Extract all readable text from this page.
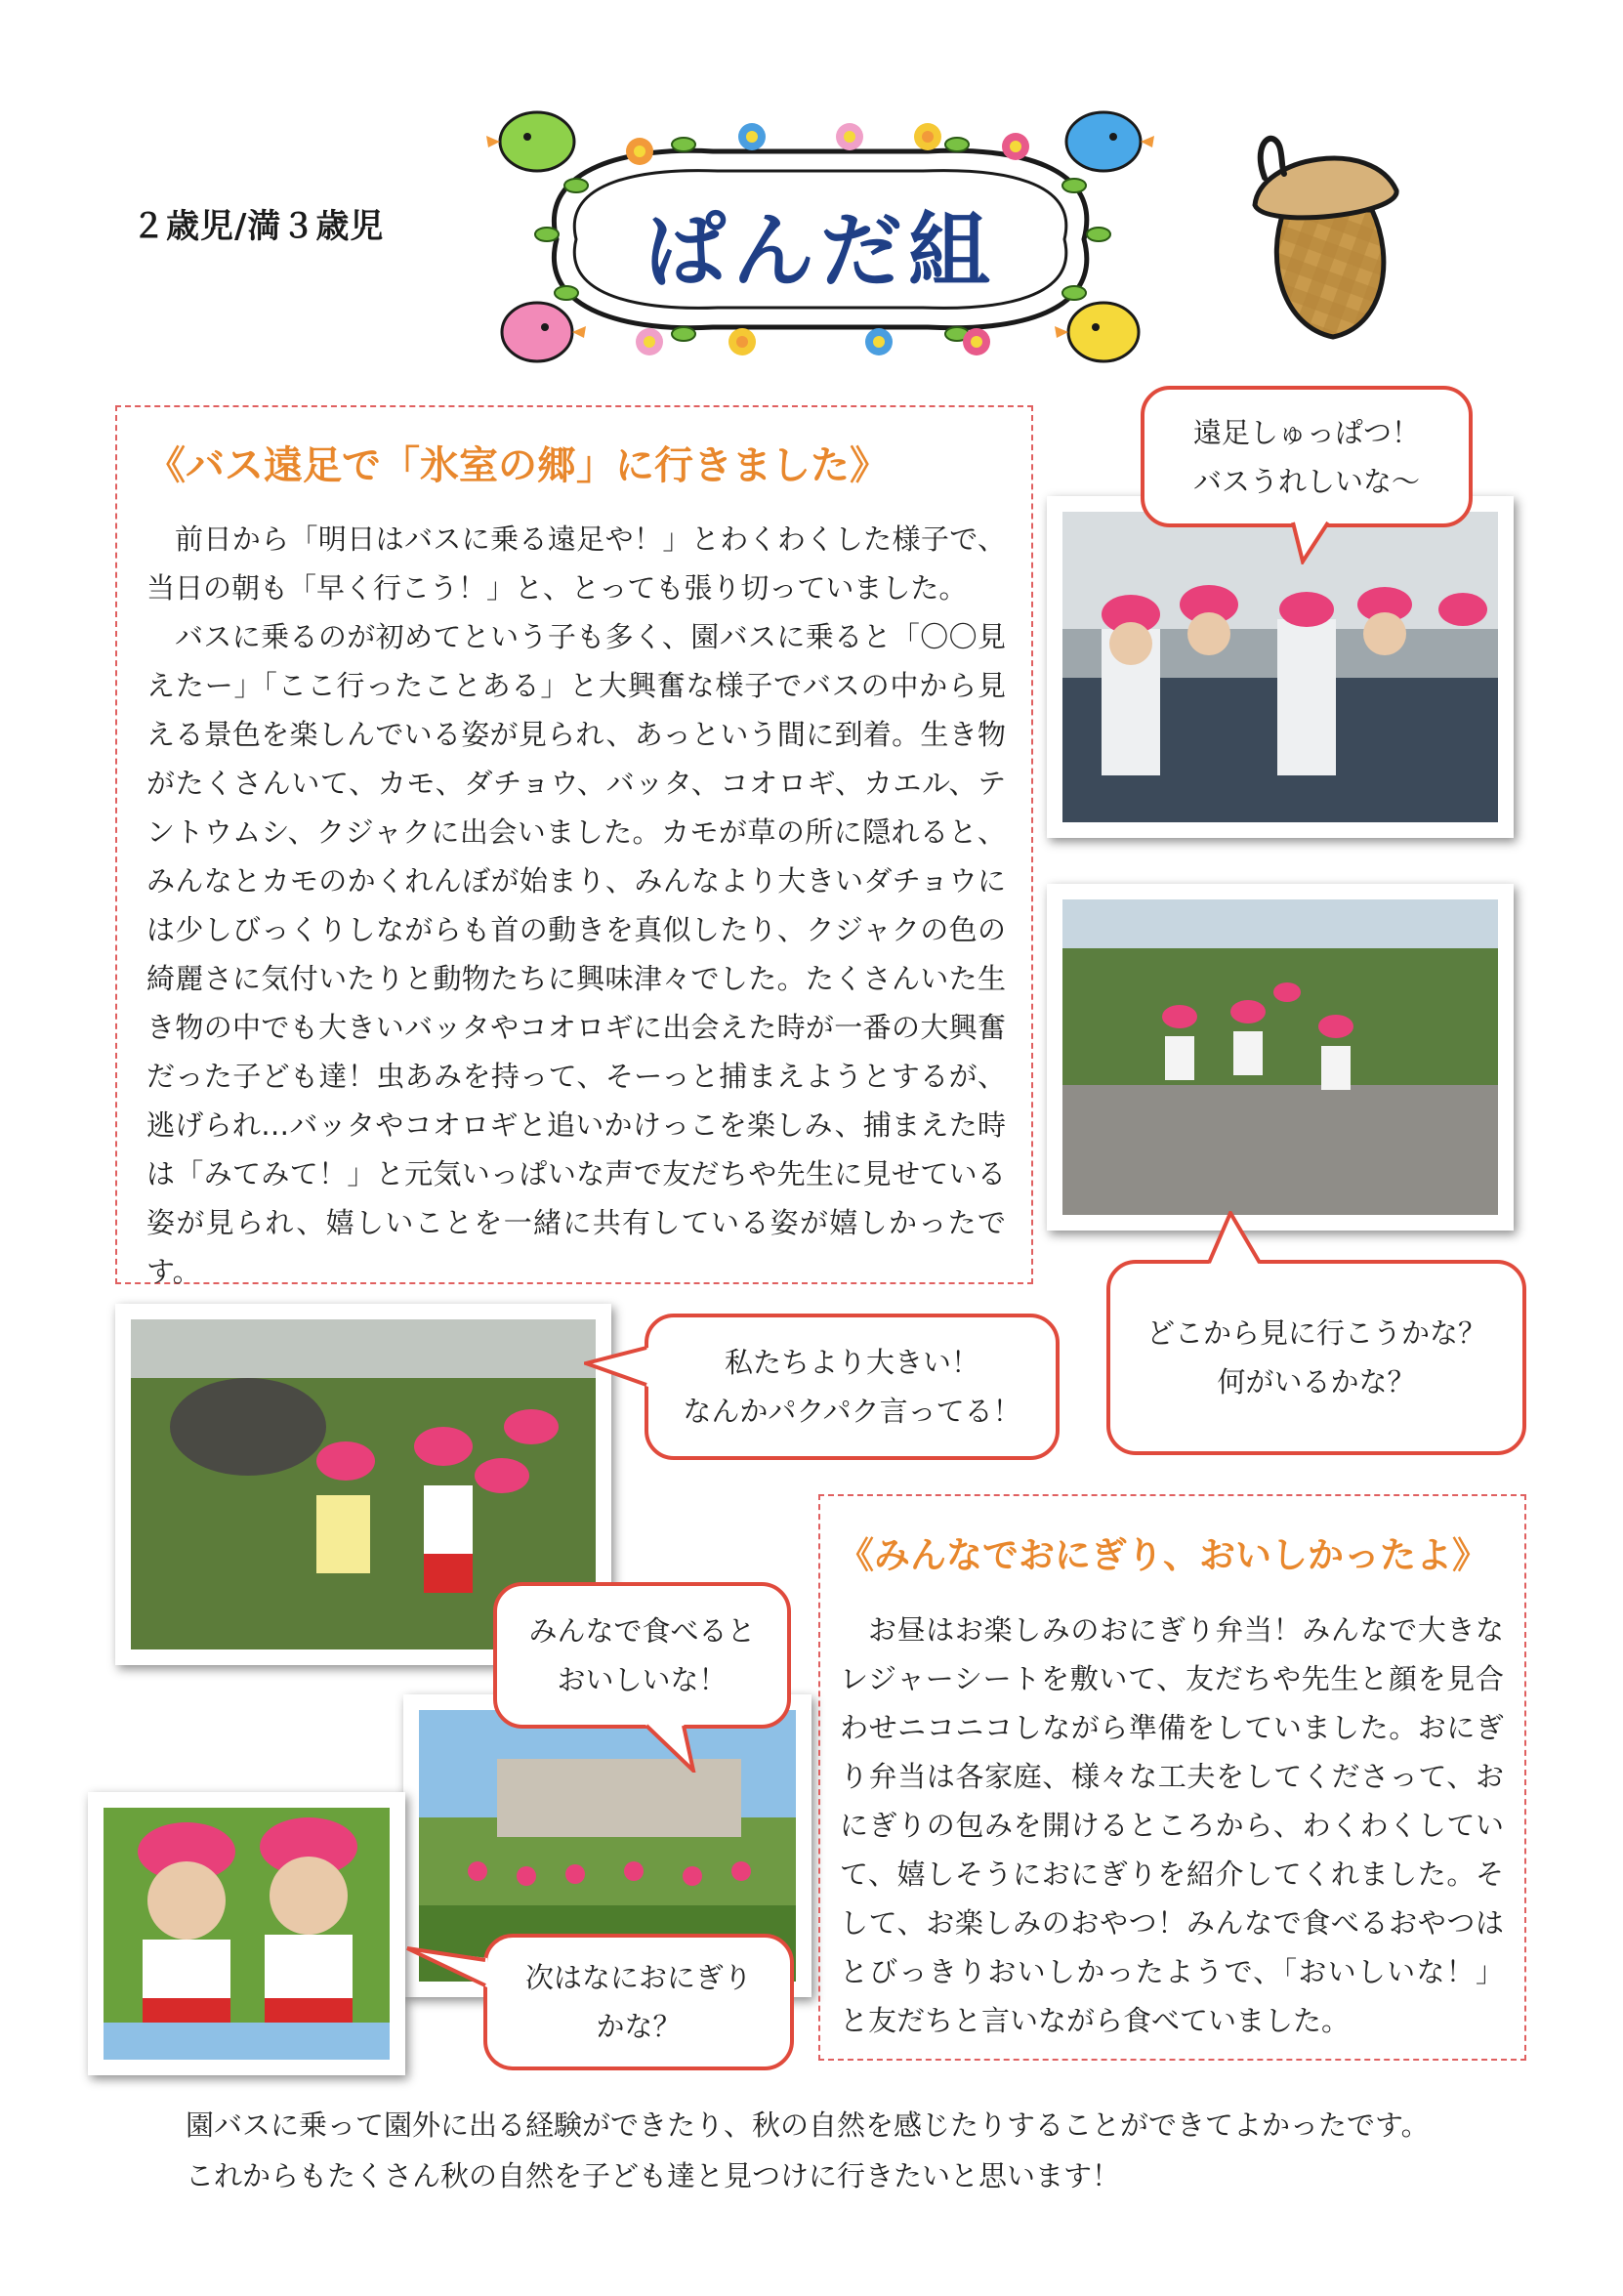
２歳児/満３歳児	ぱんだ組
《バス遠足で「氷室の郷」に行きました》

前日から「明日はバスに乗る遠足や！」とわくわくした様子で、当日の朝も「早く行こう！」と、とっても張り切っていました。

バスに乗るのが初めてという子も多く、園バスに乗ると「〇〇見えたー」「ここ行ったことある」と大興奮な様子でバスの中から見える景色を楽しんでいる姿が見られ、あっという間に到着。生き物がたくさんいて、カモ、ダチョウ、バッタ、コオロギ、カエル、テントウムシ、クジャクに出会いました。カモが草の所に隠れると、みんなとカモのかくれんぼが始まり、みんなより大きいダチョウには少しびっくりしながらも首の動きを真似したり、クジャクの色の綺麗さに気付いたりと動物たちに興味津々でした。たくさんいた生き物の中でも大きいバッタやコオロギに出会えた時が一番の大興奮だった子ども達！虫あみを持って、そーっと捕まえようとするが、逃げられ…バッタやコオロギと追いかけっこを楽しみ、捕まえた時は「みてみて！」と元気いっぱいな声で友だちや先生に見せている姿が見られ、嬉しいことを一緒に共有している姿が嬉しかったです。

遠足しゅっぱつ！
バスうれしいな～
どこから見に行こうかな？
何がいるかな？
私たちより大きい！
なんかパクパク言ってる！
みんなで食べると
おいしいな！
次はなにおにぎり
かな？
《みんなでおにぎり、おいしかったよ》

お昼はお楽しみのおにぎり弁当！みんなで大きなレジャーシートを敷いて、友だちや先生と顔を見合わせニコニコしながら準備をしていました。おにぎり弁当は各家庭、様々な工夫をしてくださって、おにぎりの包みを開けるところから、わくわくしていて、嬉しそうにおにぎりを紹介してくれました。そして、お楽しみのおやつ！みんなで食べるおやつはとびっきりおいしかったようで、「おいしいな！」と友だちと言いながら食べていました。

園バスに乗って園外に出る経験ができたり、秋の自然を感じたりすることができてよかったです。
これからもたくさん秋の自然を子ども達と見つけに行きたいと思います！
